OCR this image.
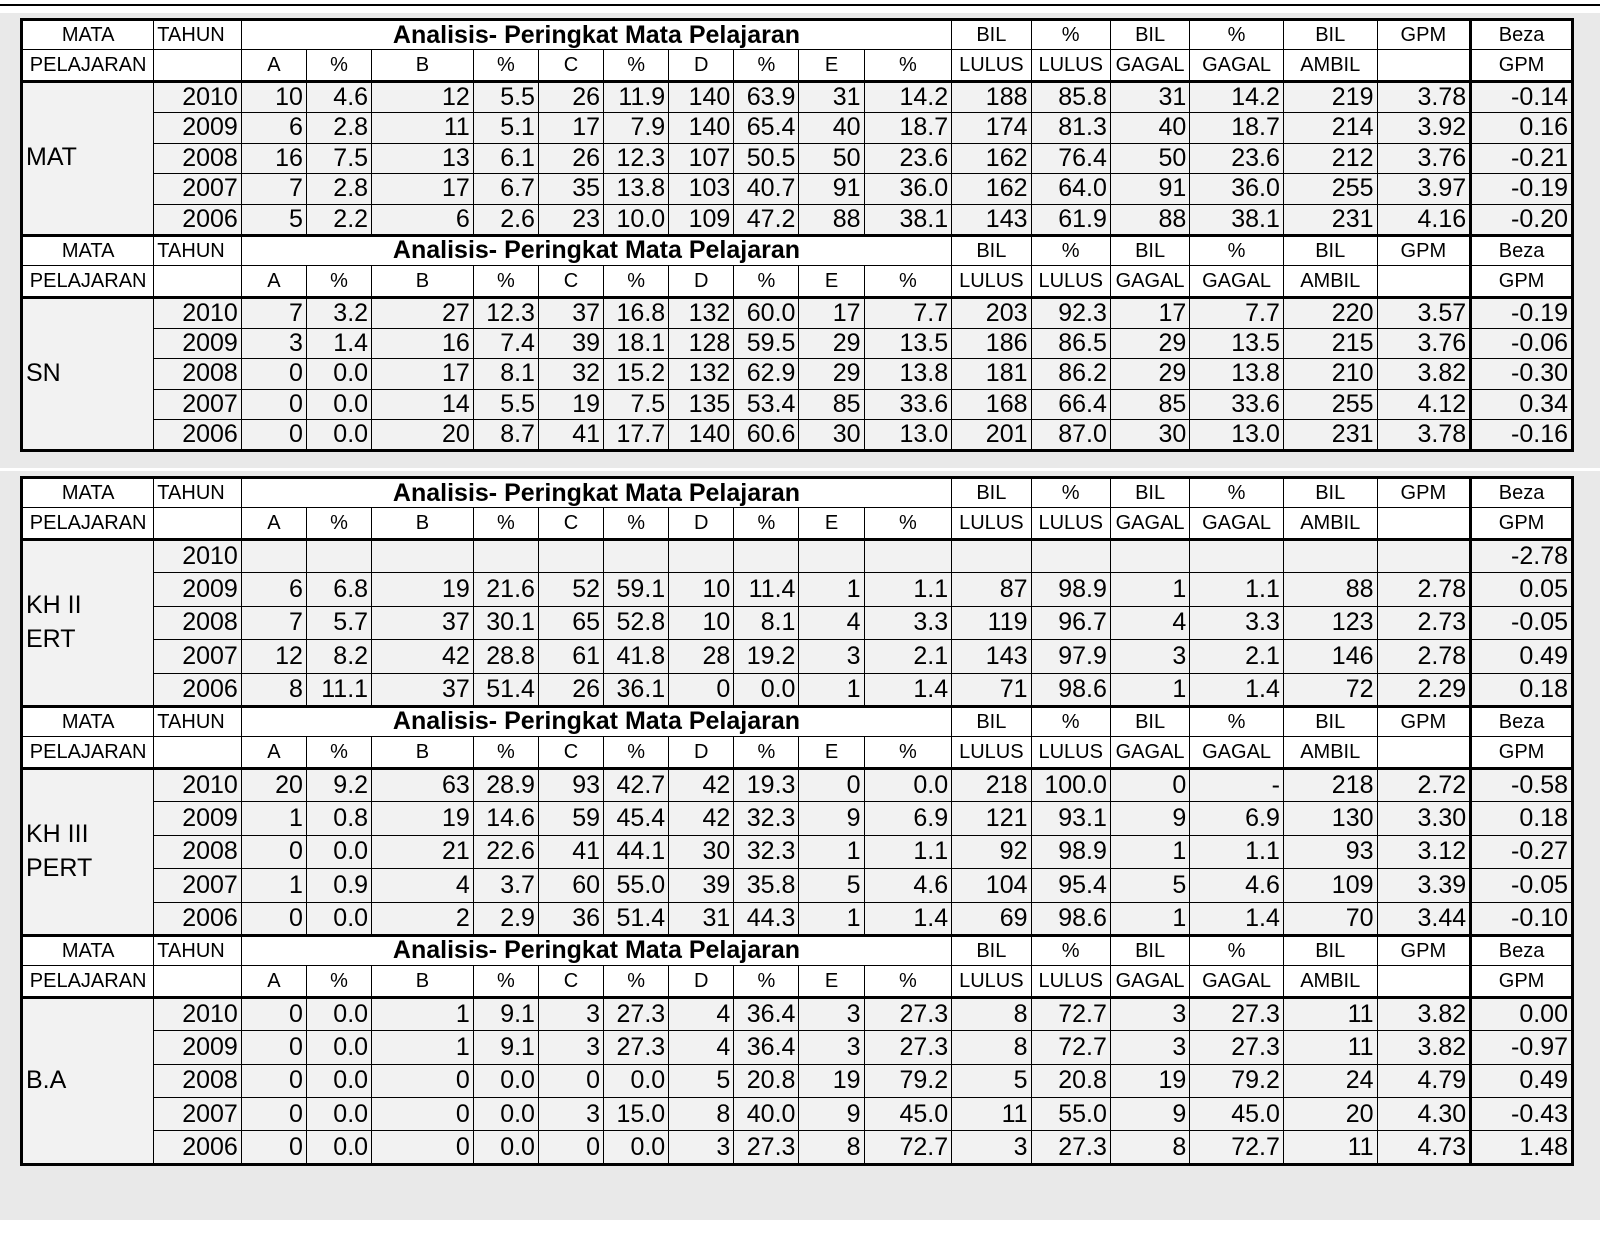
MATA	TAHUN	Analisis- Peringkat Mata Pelajaran										BIL	%	BIL	%	BIL	GPM	Beza
PELAJARAN		A	%	B	%	C	%	D	%	E	%	LULUS	LULUS	GAGAL	GAGAL	AMBIL		GPM
MAT	2010	10	4.6	12	5.5	26	11.9	140	63.9	31	14.2	188	85.8	31	14.2	219	3.78	-0.14
	2009	6	2.8	11	5.1	17	7.9	140	65.4	40	18.7	174	81.3	40	18.7	214	3.92	0.16
	2008	16	7.5	13	6.1	26	12.3	107	50.5	50	23.6	162	76.4	50	23.6	212	3.76	-0.21
	2007	7	2.8	17	6.7	35	13.8	103	40.7	91	36.0	162	64.0	91	36.0	255	3.97	-0.19
	2006	5	2.2	6	2.6	23	10.0	109	47.2	88	38.1	143	61.9	88	38.1	231	4.16	-0.20
MATA	TAHUN	Analisis- Peringkat Mata Pelajaran										BIL	%	BIL	%	BIL	GPM	Beza
PELAJARAN		A	%	B	%	C	%	D	%	E	%	LULUS	LULUS	GAGAL	GAGAL	AMBIL		GPM
SN	2010	7	3.2	27	12.3	37	16.8	132	60.0	17	7.7	203	92.3	17	7.7	220	3.57	-0.19
	2009	3	1.4	16	7.4	39	18.1	128	59.5	29	13.5	186	86.5	29	13.5	215	3.76	-0.06
	2008	0	0.0	17	8.1	32	15.2	132	62.9	29	13.8	181	86.2	29	13.8	210	3.82	-0.30
	2007	0	0.0	14	5.5	19	7.5	135	53.4	85	33.6	168	66.4	85	33.6	255	4.12	0.34
	2006	0	0.0	20	8.7	41	17.7	140	60.6	30	13.0	201	87.0	30	13.0	231	3.78	-0.16
MATA	TAHUN	Analisis- Peringkat Mata Pelajaran										BIL	%	BIL	%	BIL	GPM	Beza
PELAJARAN		A	%	B	%	C	%	D	%	E	%	LULUS	LULUS	GAGAL	GAGAL	AMBIL		GPM
KH II
ERT	2010																	-2.78
	2009	6	6.8	19	21.6	52	59.1	10	11.4	1	1.1	87	98.9	1	1.1	88	2.78	0.05
	2008	7	5.7	37	30.1	65	52.8	10	8.1	4	3.3	119	96.7	4	3.3	123	2.73	-0.05
	2007	12	8.2	42	28.8	61	41.8	28	19.2	3	2.1	143	97.9	3	2.1	146	2.78	0.49
	2006	8	11.1	37	51.4	26	36.1	0	0.0	1	1.4	71	98.6	1	1.4	72	2.29	0.18
MATA	TAHUN	Analisis- Peringkat Mata Pelajaran										BIL	%	BIL	%	BIL	GPM	Beza
PELAJARAN		A	%	B	%	C	%	D	%	E	%	LULUS	LULUS	GAGAL	GAGAL	AMBIL		GPM
KH III
PERT	2010	20	9.2	63	28.9	93	42.7	42	19.3	0	0.0	218	100.0	0	-	218	2.72	-0.58
	2009	1	0.8	19	14.6	59	45.4	42	32.3	9	6.9	121	93.1	9	6.9	130	3.30	0.18
	2008	0	0.0	21	22.6	41	44.1	30	32.3	1	1.1	92	98.9	1	1.1	93	3.12	-0.27
	2007	1	0.9	4	3.7	60	55.0	39	35.8	5	4.6	104	95.4	5	4.6	109	3.39	-0.05
	2006	0	0.0	2	2.9	36	51.4	31	44.3	1	1.4	69	98.6	1	1.4	70	3.44	-0.10
MATA	TAHUN	Analisis- Peringkat Mata Pelajaran										BIL	%	BIL	%	BIL	GPM	Beza
PELAJARAN		A	%	B	%	C	%	D	%	E	%	LULUS	LULUS	GAGAL	GAGAL	AMBIL		GPM
B.A	2010	0	0.0	1	9.1	3	27.3	4	36.4	3	27.3	8	72.7	3	27.3	11	3.82	0.00
	2009	0	0.0	1	9.1	3	27.3	4	36.4	3	27.3	8	72.7	3	27.3	11	3.82	-0.97
	2008	0	0.0	0	0.0	0	0.0	5	20.8	19	79.2	5	20.8	19	79.2	24	4.79	0.49
	2007	0	0.0	0	0.0	3	15.0	8	40.0	9	45.0	11	55.0	9	45.0	20	4.30	-0.43
	2006	0	0.0	0	0.0	0	0.0	3	27.3	8	72.7	3	27.3	8	72.7	11	4.73	1.48
